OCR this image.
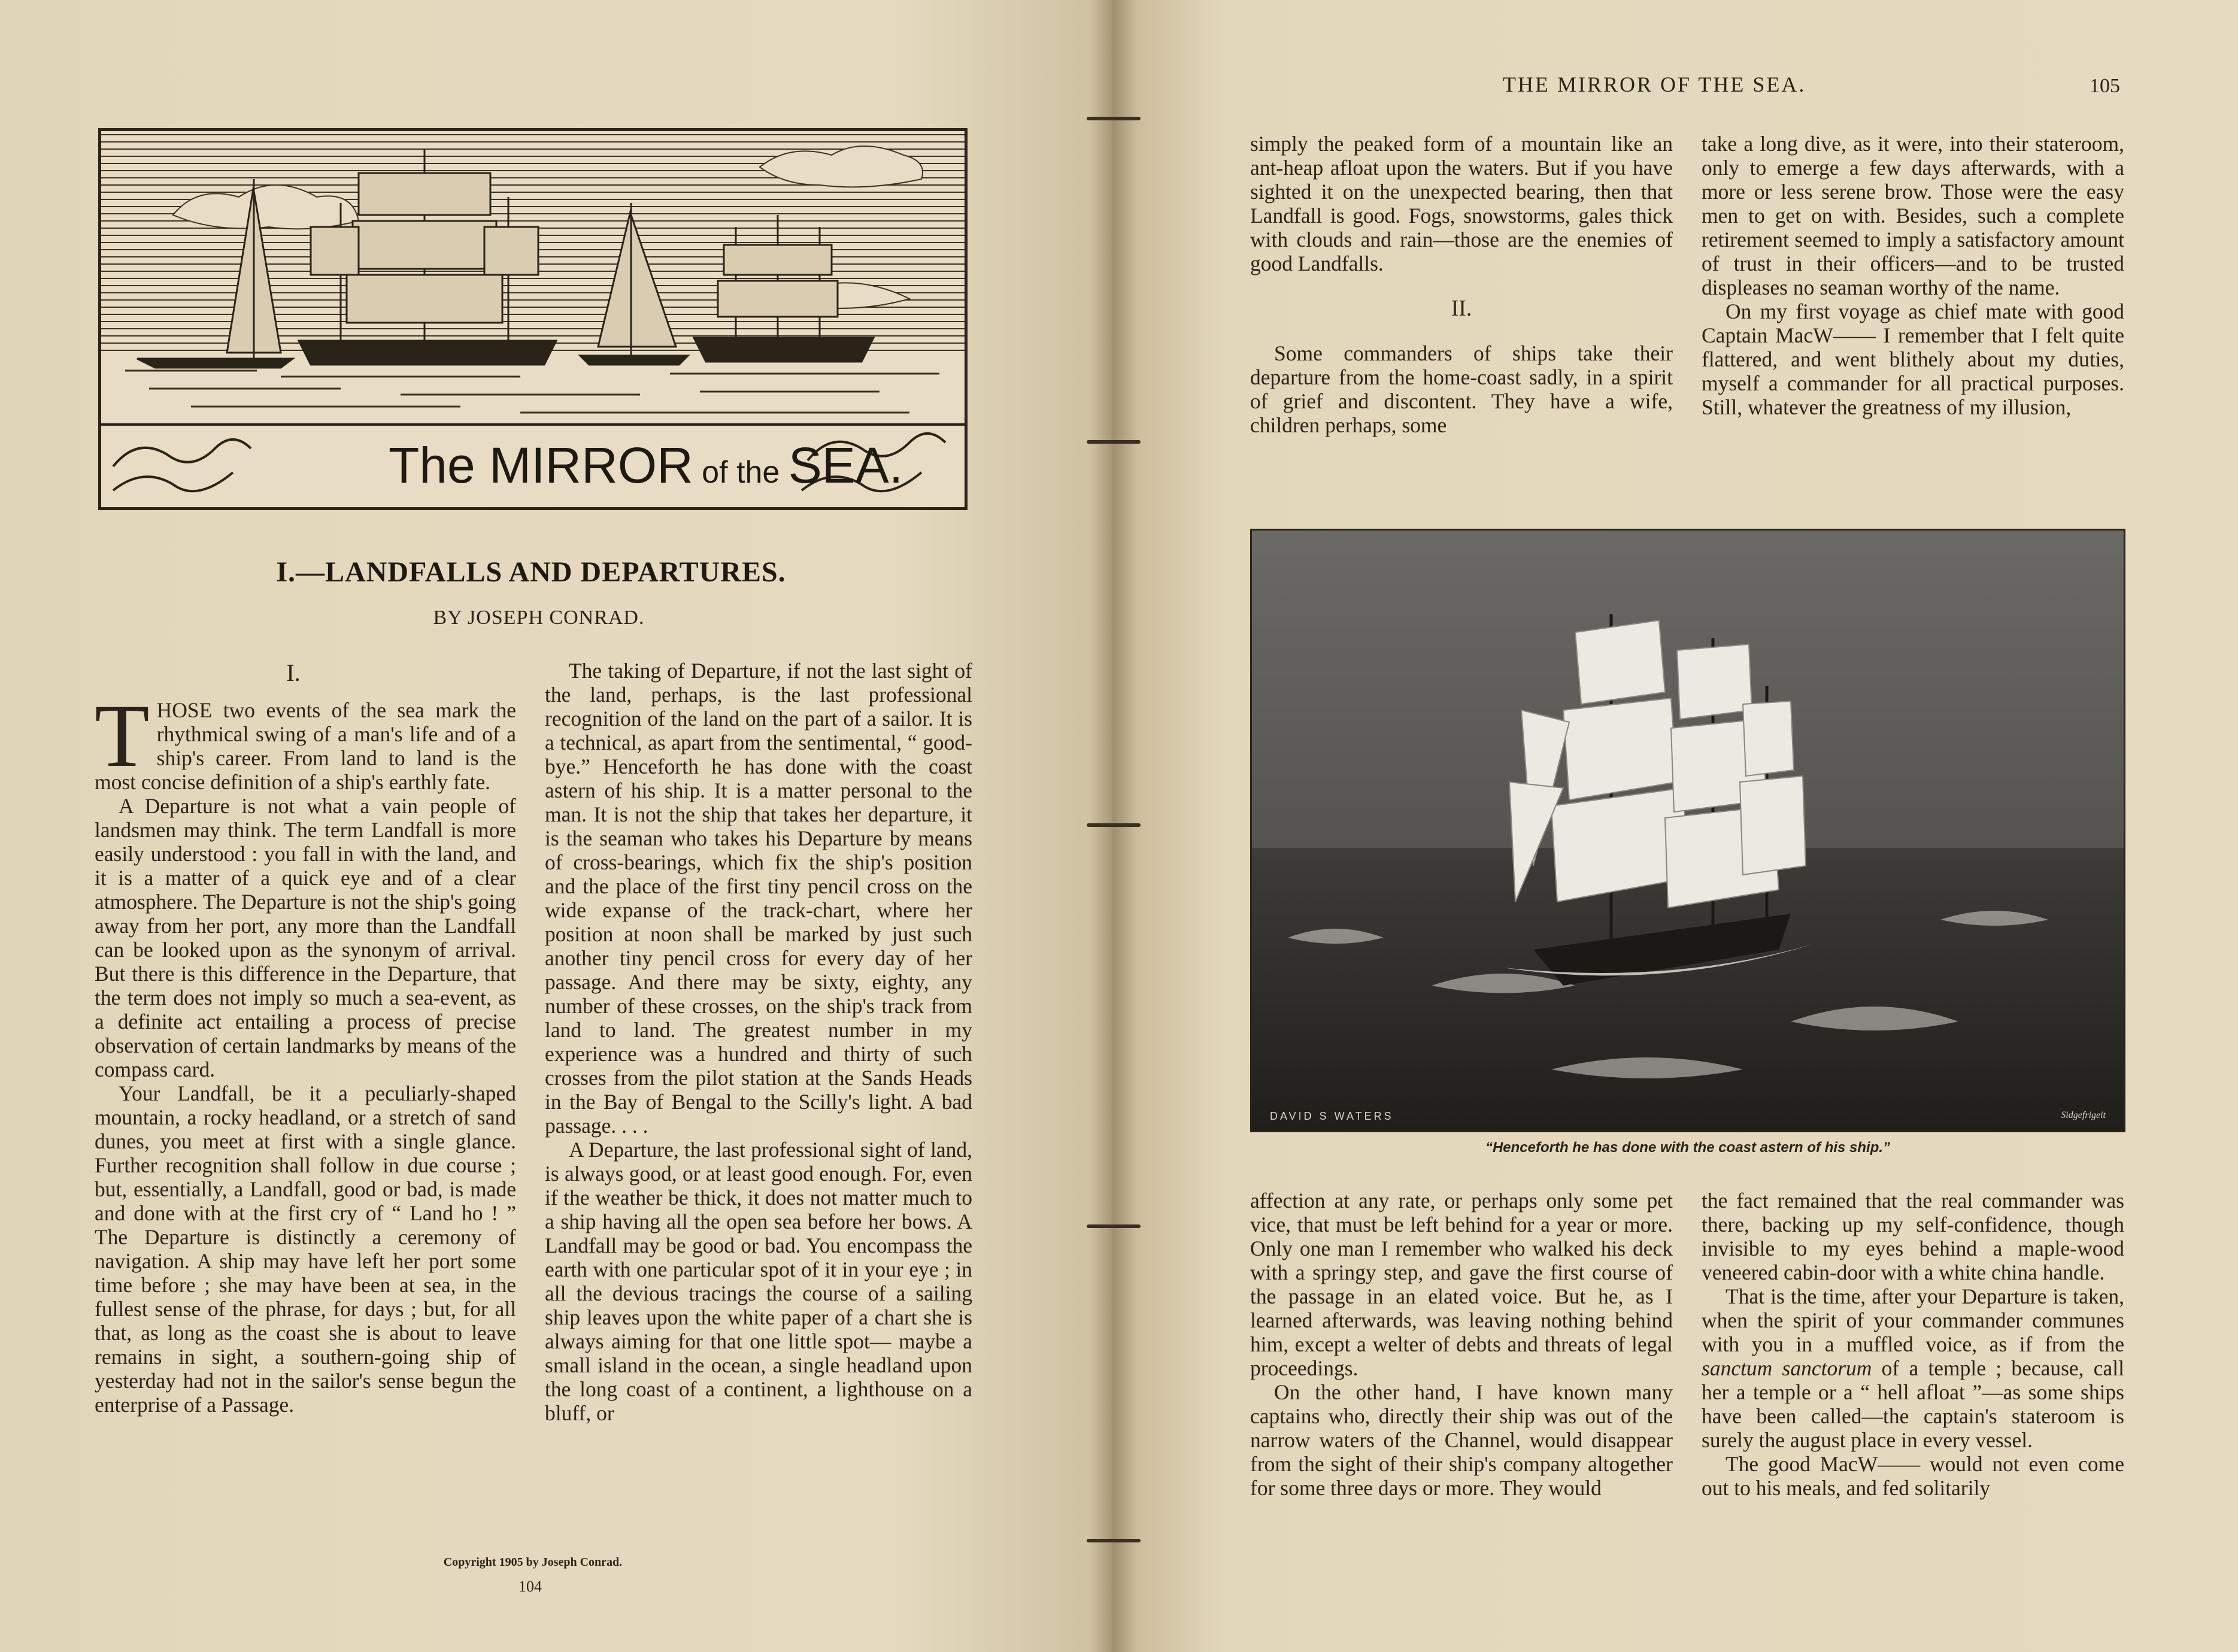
The MIRROR of the SEA.
I.—LANDFALLS AND DEPARTURES.
BY JOSEPH CONRAD.
I.

THOSE two events of the sea mark the rhythmical swing of a man's life and of a ship's career. From land to land is the most concise definition of a ship's earthly fate.

A Departure is not what a vain people of landsmen may think. The term Landfall is more easily understood : you fall in with the land, and it is a matter of a quick eye and of a clear atmosphere. The Departure is not the ship's going away from her port, any more than the Landfall can be looked upon as the synonym of arrival. But there is this difference in the Departure, that the term does not imply so much a sea-event, as a definite act entailing a process of precise observation of certain landmarks by means of the compass card.

Your Landfall, be it a peculiarly-shaped mountain, a rocky headland, or a stretch of sand dunes, you meet at first with a single glance. Further recognition shall follow in due course ; but, essentially, a Landfall, good or bad, is made and done with at the first cry of “ Land ho ! ” The Departure is distinctly a ceremony of navigation. A ship may have left her port some time before ; she may have been at sea, in the fullest sense of the phrase, for days ; but, for all that, as long as the coast she is about to leave remains in sight, a southern-going ship of yesterday had not in the sailor's sense begun the enterprise of a Passage.

The taking of Departure, if not the last sight of the land, perhaps, is the last professional recognition of the land on the part of a sailor. It is a technical, as apart from the sentimental, “ good-bye.” Henceforth he has done with the coast astern of his ship. It is a matter personal to the man. It is not the ship that takes her departure, it is the seaman who takes his Departure by means of cross-bearings, which fix the ship's position and the place of the first tiny pencil cross on the wide expanse of the track-chart, where her position at noon shall be marked by just such another tiny pencil cross for every day of her passage. And there may be sixty, eighty, any number of these crosses, on the ship's track from land to land. The greatest number in my experience was a hundred and thirty of such crosses from the pilot station at the Sands Heads in the Bay of Bengal to the Scilly's light. A bad passage. . . .

A Departure, the last professional sight of land, is always good, or at least good enough. For, even if the weather be thick, it does not matter much to a ship having all the open sea before her bows. A Landfall may be good or bad. You encompass the earth with one particular spot of it in your eye ; in all the devious tracings the course of a sailing ship leaves upon the white paper of a chart she is always aiming for that one little spot— maybe a small island in the ocean, a single headland upon the long coast of a continent, a lighthouse on a bluff, or

Copyright 1905 by Joseph Conrad.
104
THE MIRROR OF THE SEA.	105

simply the peaked form of a mountain like an ant-heap afloat upon the waters. But if you have sighted it on the unexpected bearing, then that Landfall is good. Fogs, snowstorms, gales thick with clouds and rain—those are the enemies of good Landfalls.

II.

Some commanders of ships take their departure from the home-coast sadly, in a spirit of grief and discontent. They have a wife, children perhaps, some

take a long dive, as it were, into their stateroom, only to emerge a few days afterwards, with a more or less serene brow. Those were the easy men to get on with. Besides, such a complete retirement seemed to imply a satisfactory amount of trust in their officers—and to be trusted displeases no seaman worthy of the name.

On my first voyage as chief mate with good Captain MacW—— I remember that I felt quite flattered, and went blithely about my duties, myself a commander for all practical purposes. Still, whatever the greatness of my illusion,

DAVID S WATERS	Sidgefrigeit
“Henceforth he has done with the coast astern of his ship.”

affection at any rate, or perhaps only some pet vice, that must be left behind for a year or more. Only one man I remember who walked his deck with a springy step, and gave the first course of the passage in an elated voice. But he, as I learned afterwards, was leaving nothing behind him, except a welter of debts and threats of legal proceedings.

On the other hand, I have known many captains who, directly their ship was out of the narrow waters of the Channel, would disappear from the sight of their ship's company altogether for some three days or more. They would

the fact remained that the real commander was there, backing up my self-confidence, though invisible to my eyes behind a maple-wood veneered cabin-door with a white china handle.

That is the time, after your Departure is taken, when the spirit of your commander communes with you in a muffled voice, as if from the sanctum sanctorum of a temple ; because, call her a temple or a “ hell afloat ”—as some ships have been called—the captain's stateroom is surely the august place in every vessel.

The good MacW—— would not even come out to his meals, and fed solitarily
